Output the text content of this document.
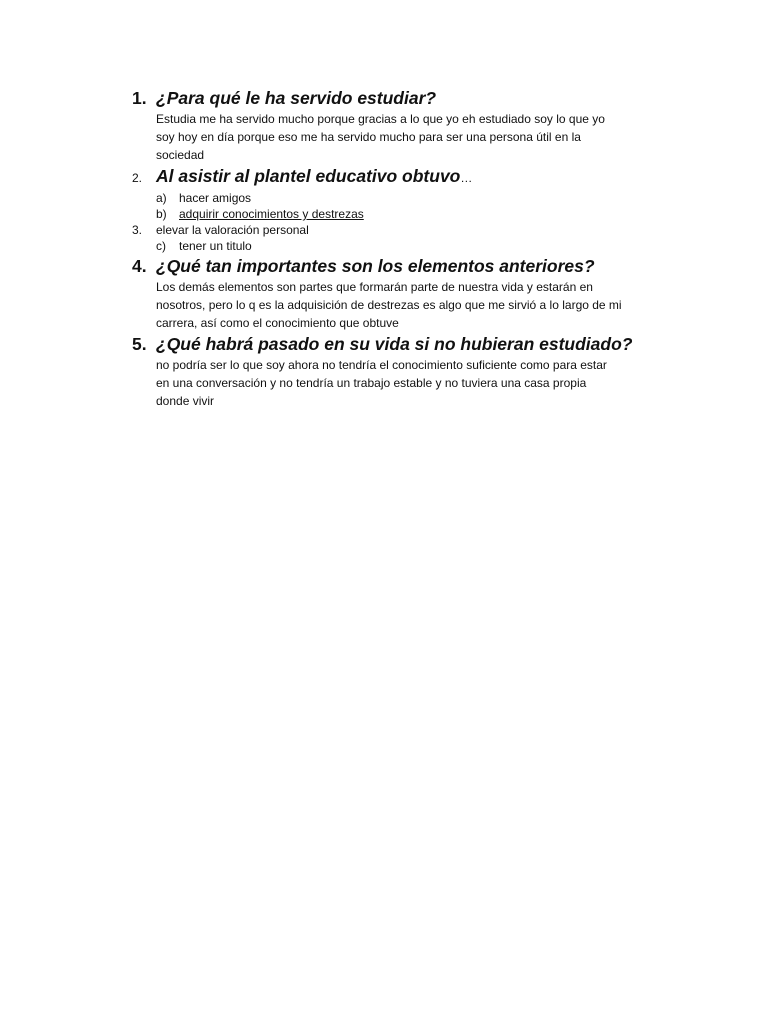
1. ¿Para qué le ha servido estudiar?
Estudia me ha servido mucho porque gracias a lo que yo eh estudiado soy lo que yo
soy hoy en día porque eso me ha servido mucho para ser una persona útil en la
sociedad
2. Al asistir al plantel educativo obtuvo …
a)	hacer amigos
b)	adquirir conocimientos y destrezas
3.	elevar la valoración personal
c)	tener un titulo
4. ¿Qué tan importantes son los elementos anteriores?
Los demás elementos son partes que formarán parte de nuestra vida y estarán en
nosotros, pero lo q es la adquisición de destrezas es algo que me sirvió a lo largo de mi
carrera, así como el conocimiento que obtuve
5. ¿Qué habrá pasado en su vida si no hubieran estudiado?
no podría ser lo que soy ahora no tendría el conocimiento suficiente como para estar
en una conversación y no tendría un trabajo estable y no tuviera una casa propia
donde vivir
